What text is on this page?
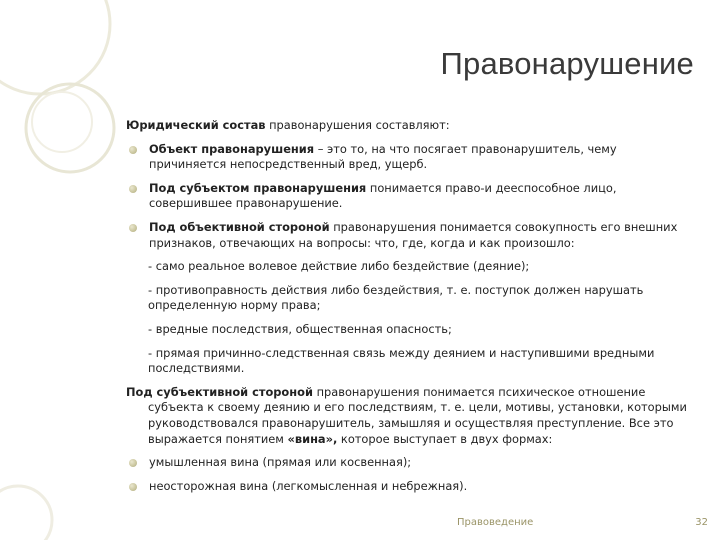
Правонарушение

Юридический состав правонарушения составляют:

Объект правонарушения – это то, на что посягает правонарушитель, чему причиняется непосредственный вред, ущерб.
Под субъектом правонарушения понимается право-и дееспособное лицо, совершившее правонарушение.
Под объективной стороной правонарушения понимается совокупность его внешних признаков, отвечающих на вопросы: что, где, когда и как произошло:

- само реальное волевое действие либо бездействие (деяние);

- противоправность действия либо бездействия, т. е. поступок должен нарушать определенную норму права;

- вредные последствия, общественная опасность;

- прямая причинно-следственная связь между деянием и наступившими вредными последствиями.

Под субъективной стороной правонарушения понимается психическое отношение субъекта к своему деянию и его последствиям, т. е. цели, мотивы, установки, которыми руководствовался правонарушитель, замышляя и осуществляя преступление. Все это выражается понятием «вина», которое выступает в двух формах:

умышленная вина (прямая или косвенная);
неосторожная вина (легкомысленная и небрежная).
Правоведение	32
